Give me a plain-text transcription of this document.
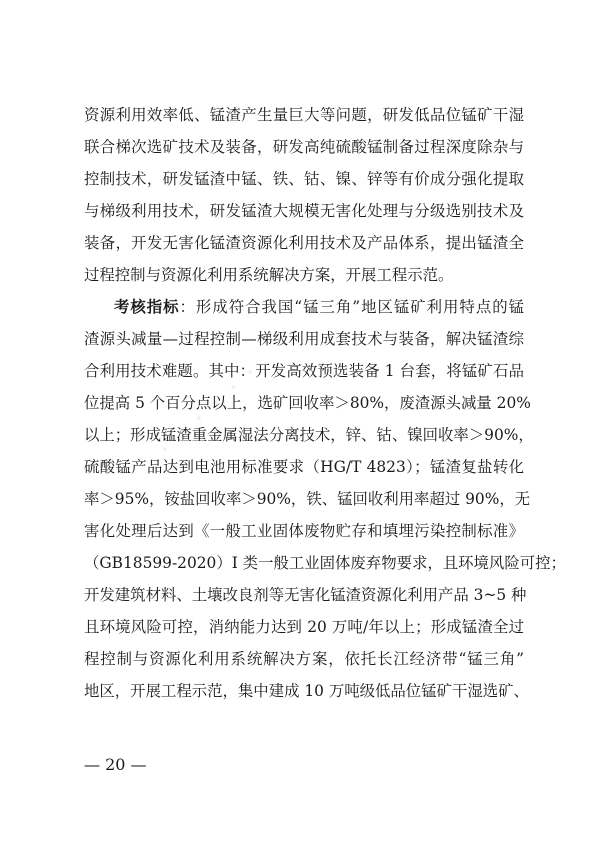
· · · · · ·
资源利用效率低、锰渣产生量巨大等问题，研发低品位锰矿干湿
联合梯次选矿技术及装备，研发高纯硫酸锰制备过程深度除杂与
控制技术，研发锰渣中锰、铁、钴、镍、锌等有价成分强化提取
与梯级利用技术，研发锰渣大规模无害化处理与分级选别技术及
装备，开发无害化锰渣资源化利用技术及产品体系，提出锰渣全
过程控制与资源化利用系统解决方案，开展工程示范。
考核指标：形成符合我国“锰三角”地区锰矿利用特点的锰
渣源头减量—过程控制—梯级利用成套技术与装备，解决锰渣综
合利用技术难题。其中：开发高效预选装备 1 台套，将锰矿石品
位提高 5 个百分点以上，选矿回收率＞80%，废渣源头减量 20%
以上；形成锰渣重金属湿法分离技术，锌、钴、镍回收率＞90%，
硫酸锰产品达到电池用标准要求（HG/T 4823）；锰渣复盐转化
率＞95%，铵盐回收率＞90%，铁、锰回收利用率超过 90%，无
害化处理后达到《一般工业固体废物贮存和填埋污染控制标准》
（GB18599-2020）I 类一般工业固体废弃物要求，且环境风险可控；
开发建筑材料、土壤改良剂等无害化锰渣资源化利用产品 3~5 种
且环境风险可控，消纳能力达到 20 万吨/年以上；形成锰渣全过
程控制与资源化利用系统解决方案，依托长江经济带“锰三角”
地区，开展工程示范，集中建成 10 万吨级低品位锰矿干湿选矿、
— 20 —
